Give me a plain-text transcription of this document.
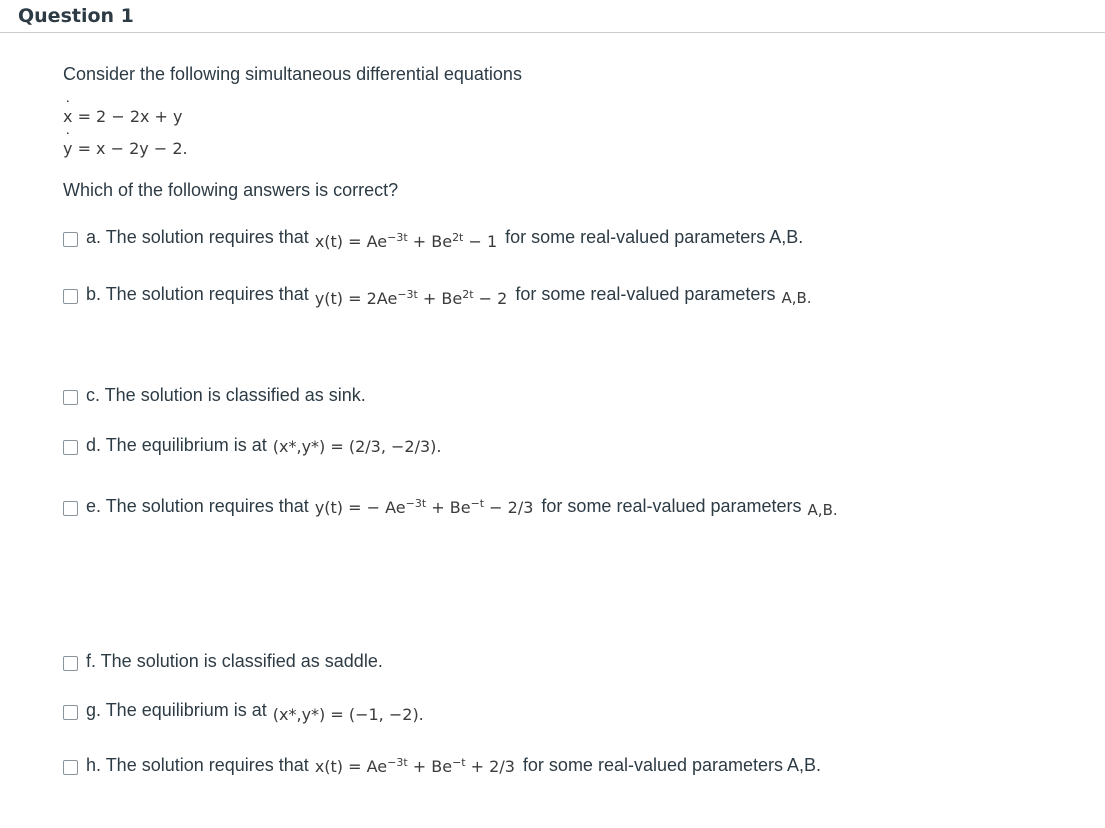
Question 1
Consider the following simultaneous differential equations
˙ x = 2 − 2x + y
˙ y = x − 2y − 2.
Which of the following answers is correct?
a. The solution requires that $x(t) = Ae^{-3t} + Be^{2t} - 1$ for some real-valued parameters A,B.
b. The solution requires that $y(t) = 2Ae^{-3t} + Be^{2t} - 2$ for some real-valued parameters A,B.
c. The solution is classified as sink.
d. The equilibrium is at (x*,y*) = (2/3, −2/3).
e. The solution requires that y(t) = − $Ae^{-3t} + Be^{-t} - 2/3$ for some real-valued parameters A,B.
f. The solution is classified as saddle.
g. The equilibrium is at (x*,y*) = (−1, −2).
h. The solution requires that $x(t) = Ae^{-3t} + Be^{-t} + 2/3$ for some real-valued parameters A,B.
